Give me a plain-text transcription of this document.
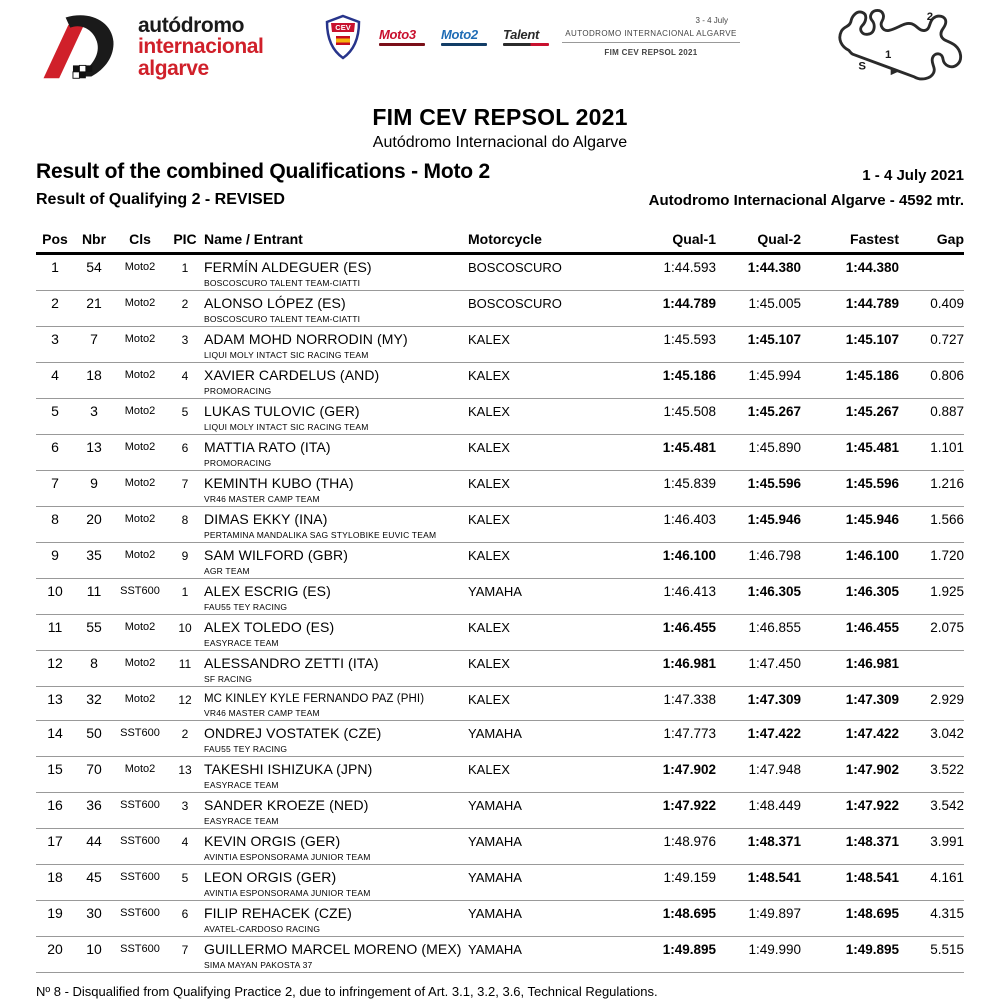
autódromo
internacional
algarve
CEV Moto3 Moto2 Talent
3 - 4 July
AUTODROMO INTERNACIONAL ALGARVE
FIM CEV REPSOL 2021
S
1
2
FIM CEV REPSOL 2021
Autódromo Internacional do Algarve
Result of the combined Qualifications - Moto 2	1 - 4 July 2021
Result of Qualifying 2 - REVISED	Autodromo Internacional Algarve - 4592 mtr.
Pos	Nbr	Cls	PIC	Name / Entrant	Motorcycle	Qual-1	Qual-2	Fastest	Gap
1	54	Moto2	1	FERMÍN ALDEGUER (ES)
BOSCOSCURO TALENT TEAM-CIATTI	BOSCOSCURO	1:44.593	1:44.380	1:44.380	
2	21	Moto2	2	ALONSO LÓPEZ (ES)
BOSCOSCURO TALENT TEAM-CIATTI	BOSCOSCURO	1:44.789	1:45.005	1:44.789	0.409
3	7	Moto2	3	ADAM MOHD NORRODIN (MY)
LIQUI MOLY INTACT SIC RACING TEAM	KALEX	1:45.593	1:45.107	1:45.107	0.727
4	18	Moto2	4	XAVIER CARDELUS (AND)
PROMORACING	KALEX	1:45.186	1:45.994	1:45.186	0.806
5	3	Moto2	5	LUKAS TULOVIC (GER)
LIQUI MOLY INTACT SIC RACING TEAM	KALEX	1:45.508	1:45.267	1:45.267	0.887
6	13	Moto2	6	MATTIA RATO (ITA)
PROMORACING	KALEX	1:45.481	1:45.890	1:45.481	1.101
7	9	Moto2	7	KEMINTH KUBO (THA)
VR46 MASTER CAMP TEAM	KALEX	1:45.839	1:45.596	1:45.596	1.216
8	20	Moto2	8	DIMAS EKKY (INA)
PERTAMINA MANDALIKA SAG STYLOBIKE EUVIC TEAM	KALEX	1:46.403	1:45.946	1:45.946	1.566
9	35	Moto2	9	SAM WILFORD (GBR)
AGR TEAM	KALEX	1:46.100	1:46.798	1:46.100	1.720
10	11	SST600	1	ALEX ESCRIG (ES)
FAU55 TEY RACING	YAMAHA	1:46.413	1:46.305	1:46.305	1.925
11	55	Moto2	10	ALEX TOLEDO (ES)
EASYRACE TEAM	KALEX	1:46.455	1:46.855	1:46.455	2.075
12	8	Moto2	11	ALESSANDRO ZETTI (ITA)
SF RACING	KALEX	1:46.981	1:47.450	1:46.981	
13	32	Moto2	12	MC KINLEY KYLE FERNANDO PAZ (PHI)
VR46 MASTER CAMP TEAM	KALEX	1:47.338	1:47.309	1:47.309	2.929
14	50	SST600	2	ONDREJ VOSTATEK (CZE)
FAU55 TEY RACING	YAMAHA	1:47.773	1:47.422	1:47.422	3.042
15	70	Moto2	13	TAKESHI ISHIZUKA (JPN)
EASYRACE TEAM	KALEX	1:47.902	1:47.948	1:47.902	3.522
16	36	SST600	3	SANDER KROEZE (NED)
EASYRACE TEAM	YAMAHA	1:47.922	1:48.449	1:47.922	3.542
17	44	SST600	4	KEVIN ORGIS (GER)
AVINTIA ESPONSORAMA JUNIOR TEAM	YAMAHA	1:48.976	1:48.371	1:48.371	3.991
18	45	SST600	5	LEON ORGIS (GER)
AVINTIA ESPONSORAMA JUNIOR TEAM	YAMAHA	1:49.159	1:48.541	1:48.541	4.161
19	30	SST600	6	FILIP REHACEK (CZE)
AVATEL-CARDOSO RACING	YAMAHA	1:48.695	1:49.897	1:48.695	4.315
20	10	SST600	7	GUILLERMO MARCEL MORENO (MEX)
SIMA MAYAN PAKOSTA 37	YAMAHA	1:49.895	1:49.990	1:49.895	5.515
Nº 8 - Disqualified from Qualifying Practice 2, due to infringement of Art. 3.1, 3.2, 3.6, Technical Regulations.
